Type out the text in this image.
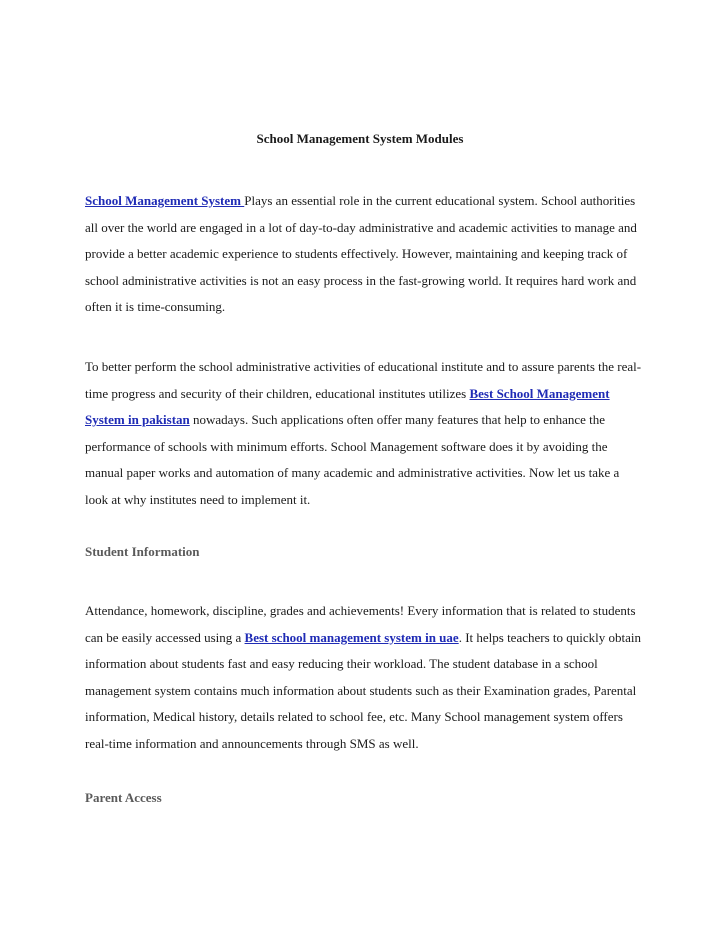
School Management System Modules

School Management System Plays an essential role in the current educational system. School authorities all over the world are engaged in a lot of day-to-day administrative and academic activities to manage and provide a better academic experience to students effectively. However, maintaining and keeping track of school administrative activities is not an easy process in the fast-growing world. It requires hard work and often it is time-consuming.

To better perform the school administrative activities of educational institute and to assure parents the real-time progress and security of their children, educational institutes utilizes Best School Management System in pakistan nowadays. Such applications often offer many features that help to enhance the performance of schools with minimum efforts. School Management software does it by avoiding the manual paper works and automation of many academic and administrative activities. Now let us take a look at why institutes need to implement it.

Student Information

Attendance, homework, discipline, grades and achievements! Every information that is related to students can be easily accessed using a Best school management system in uae. It helps teachers to quickly obtain information about students fast and easy reducing their workload. The student database in a school management system contains much information about students such as their Examination grades, Parental information, Medical history, details related to school fee, etc. Many School management system offers real-time information and announcements through SMS as well.

Parent Access
